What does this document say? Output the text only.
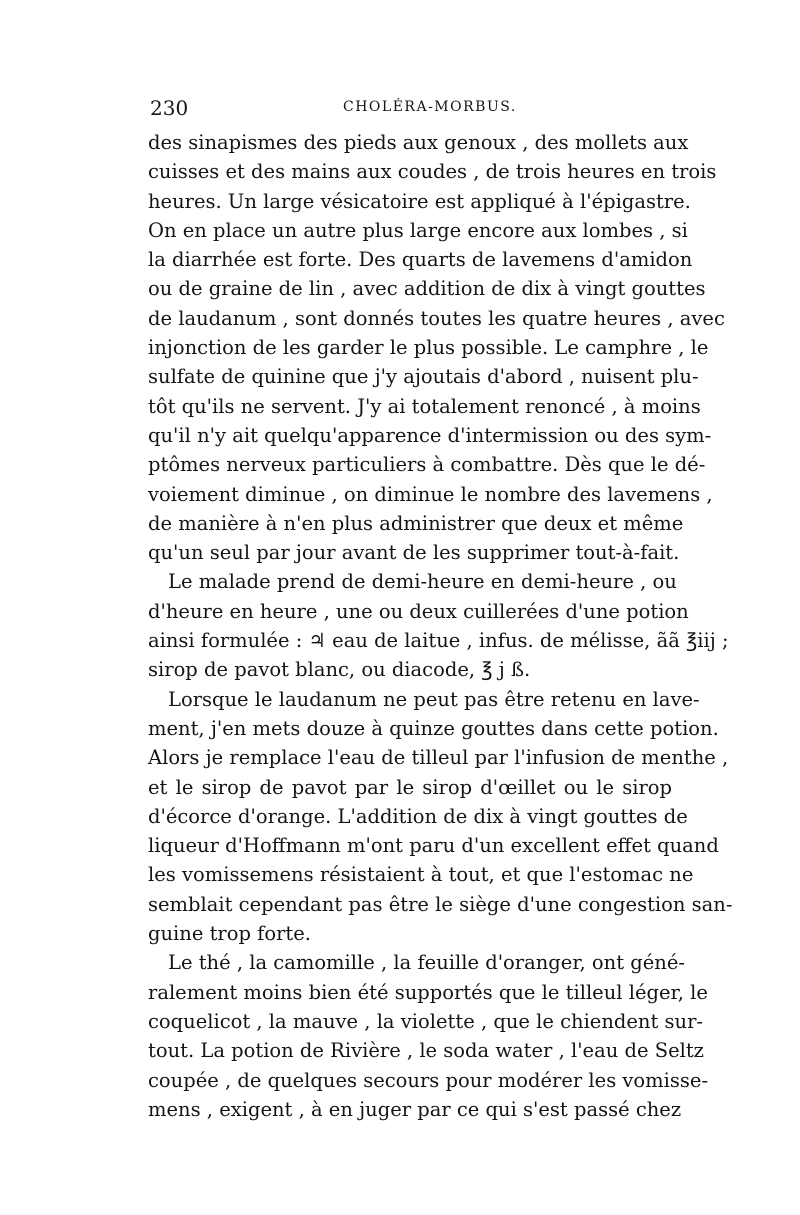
230	CHOLÉRA-MORBUS.
des sinapismes des pieds aux genoux , des mollets aux
cuisses et des mains aux coudes , de trois heures en trois
heures. Un large vésicatoire est appliqué à l'épigastre.
On en place un autre plus large encore aux lombes , si
la diarrhée est forte. Des quarts de lavemens d'amidon
ou de graine de lin , avec addition de dix à vingt gouttes
de laudanum , sont donnés toutes les quatre heures , avec
injonction de les garder le plus possible. Le camphre , le
sulfate de quinine que j'y ajoutais d'abord , nuisent plu-
tôt qu'ils ne servent. J'y ai totalement renoncé , à moins
qu'il n'y ait quelqu'apparence d'intermission ou des sym-
ptômes nerveux particuliers à combattre. Dès que le dé-
voiement diminue , on diminue le nombre des lavemens ,
de manière à n'en plus administrer que deux et même
qu'un seul par jour avant de les supprimer tout-à-fait.
Le malade prend de demi-heure en demi-heure , ou
d'heure en heure , une ou deux cuillerées d'une potion
ainsi formulée : ♃ eau de laitue , infus. de mélisse, ãã ℥iij ;
sirop de pavot blanc, ou diacode, ℥ j ß.
Lorsque le laudanum ne peut pas être retenu en lave-
ment, j'en mets douze à quinze gouttes dans cette potion.
Alors je remplace l'eau de tilleul par l'infusion de menthe ,
et le sirop de pavot par le sirop d'œillet ou le sirop
d'écorce d'orange. L'addition de dix à vingt gouttes de
liqueur d'Hoffmann m'ont paru d'un excellent effet quand
les vomissemens résistaient à tout, et que l'estomac ne
semblait cependant pas être le siège d'une congestion san-
guine trop forte.
Le thé , la camomille , la feuille d'oranger, ont géné-
ralement moins bien été supportés que le tilleul léger, le
coquelicot , la mauve , la violette , que le chiendent sur-
tout. La potion de Rivière , le soda water , l'eau de Seltz
coupée , de quelques secours pour modérer les vomisse-
mens , exigent , à en juger par ce qui s'est passé chez
